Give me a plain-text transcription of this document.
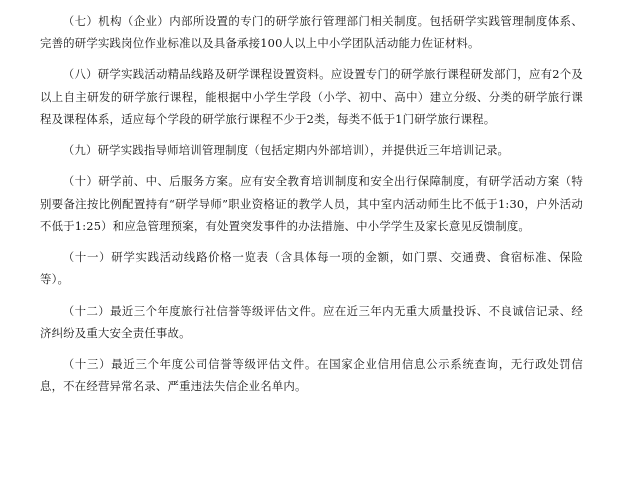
（七）机构（企业）内部所设置的专门的研学旅行管理部门相关制度。包括研学实践管理制度体系、完善的研学实践岗位作业标准以及具备承接100人以上中小学团队活动能力佐证材料。

（八）研学实践活动精品线路及研学课程设置资料。应设置专门的研学旅行课程研发部门，应有2个及以上自主研发的研学旅行课程，能根据中小学生学段（小学、初中、高中）建立分级、分类的研学旅行课程及课程体系，适应每个学段的研学旅行课程不少于2类，每类不低于1门研学旅行课程。

（九）研学实践指导师培训管理制度（包括定期内外部培训），并提供近三年培训记录。

（十）研学前、中、后服务方案。应有安全教育培训制度和安全出行保障制度，有研学活动方案（特别要备注按比例配置持有“研学导师”职业资格证的教学人员，其中室内活动师生比不低于1:30，户外活动不低于1:25）和应急管理预案，有处置突发事件的办法措施、中小学学生及家长意见反馈制度。

（十一）研学实践活动线路价格一览表（含具体每一项的金额，如门票、交通费、食宿标准、保险等）。

（十二）最近三个年度旅行社信誉等级评估文件。应在近三年内无重大质量投诉、不良诚信记录、经济纠纷及重大安全责任事故。

（十三）最近三个年度公司信誉等级评估文件。在国家企业信用信息公示系统查询，无行政处罚信息，不在经营异常名录、严重违法失信企业名单内。
